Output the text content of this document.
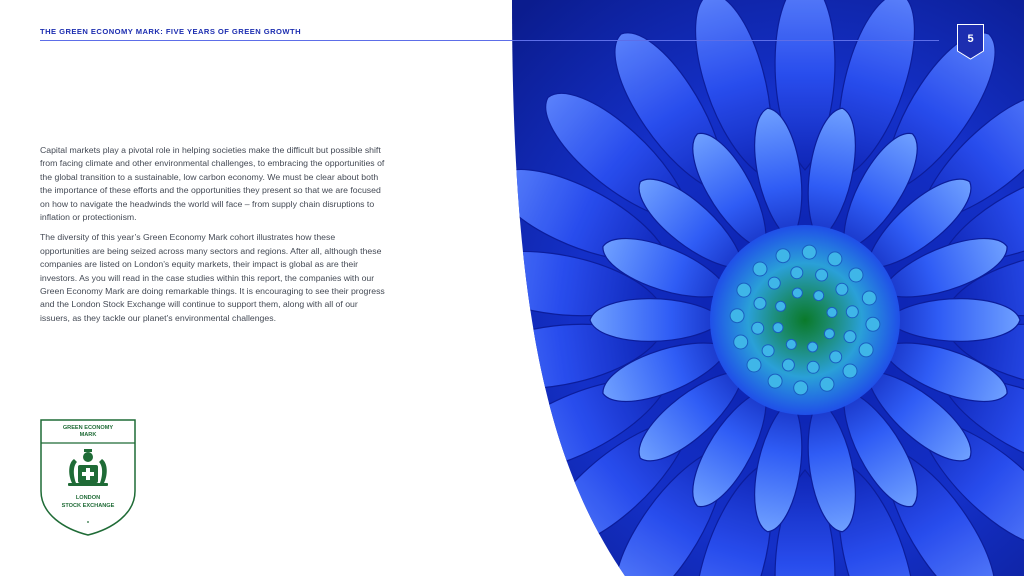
THE GREEN ECONOMY MARK: FIVE YEARS OF GREEN GROWTH
5

Capital markets play a pivotal role in helping societies make the difficult but possible shift from facing climate and other environmental challenges, to embracing the opportunities of the global transition to a sustainable, low carbon economy. We must be clear about both the importance of these efforts and the opportunities they present so that we are focused on how to navigate the headwinds the world will face – from supply chain disruptions to inflation or protectionism.

The diversity of this year’s Green Economy Mark cohort illustrates how these opportunities are being seized across many sectors and regions. After all, although these companies are listed on London’s equity markets, their impact is global as are their investors. As you will read in the case studies within this report, the companies with our Green Economy Mark are doing remarkable things. It is encouraging to see their progress and the London Stock Exchange will continue to support them, along with all of our issuers, as they tackle our planet’s environmental challenges.

GREEN ECONOMY
MARK
LONDON
STOCK EXCHANGE
